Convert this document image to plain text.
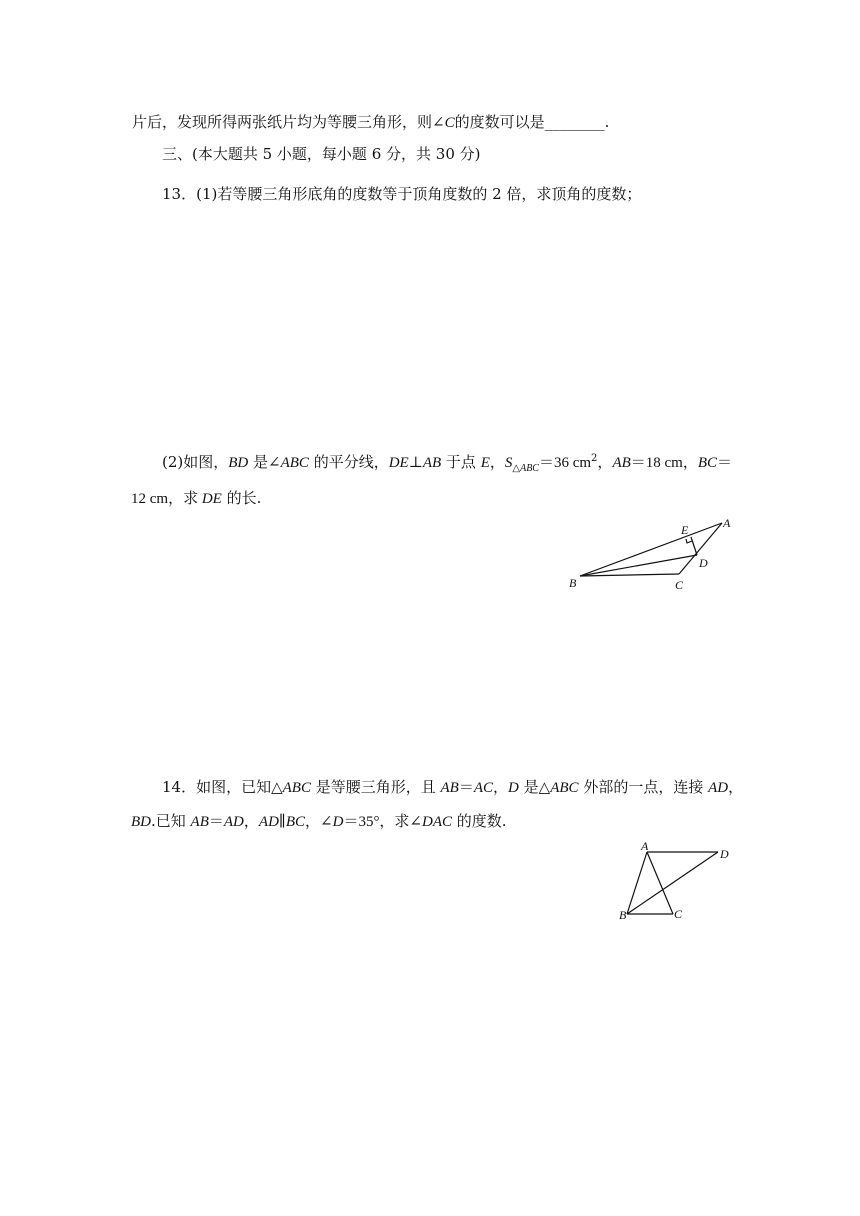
片后，发现所得两张纸片均为等腰三角形，则∠C的度数可以是________.
三、(本大题共 5 小题，每小题 6 分，共 30 分)
13．(1)若等腰三角形底角的度数等于顶角度数的 2 倍，求顶角的度数；
(2)如图，BD 是∠ABC 的平分线，DE⊥AB 于点 E，$S_{\triangle ABC}=36$ $cm^2$，AB＝18 cm，BC＝
12 cm，求 DE 的长.
A
B	C
D
E
14．如图，已知△ABC 是等腰三角形，且 AB＝AC，D 是△ABC 外部的一点，连接 AD，
BD.已知 AB＝AD，AD∥BC，∠D＝35°，求∠DAC 的度数.
A
B	C
D
